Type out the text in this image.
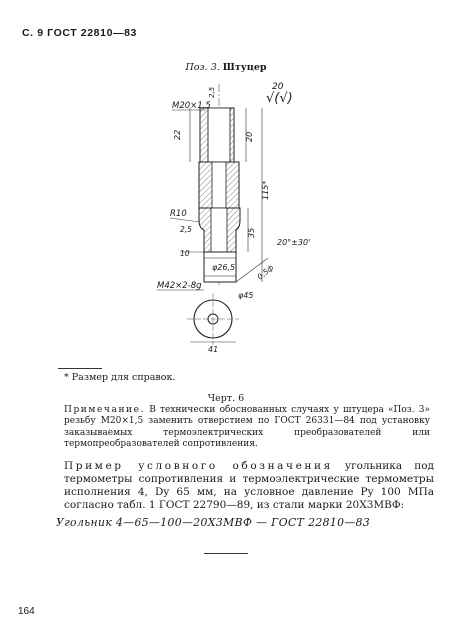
С. 9 ГОСТ 22810—83
Поз. 3. Штуцер
20
√(√)
22	20
115*
35
2,5
M20×1,5
R10
2,5
10
20°±30'
φ26,5	0,5ф
M42×2-8g
φ45
41
* Размер для справок.
Черт. 6
Примечание. В технически обоснованных случаях у штуцера «Поз. 3» резьбу M20×1,5 заменить отверстием по ГОСТ 26331—84 под установку заказываемых термоэлектрических преобразователей или термопреобразователей сопротивления.
Пример условного обозначения угольника под термометры сопротивления и термоэлектрические термометры исполнения 4, Dy 65 мм, на условное давление Py 100 МПа согласно табл. 1 ГОСТ 22790—89, из стали марки 20Х3МВФ:
Угольник 4—65—100—20Х3МВФ — ГОСТ 22810—83
164
